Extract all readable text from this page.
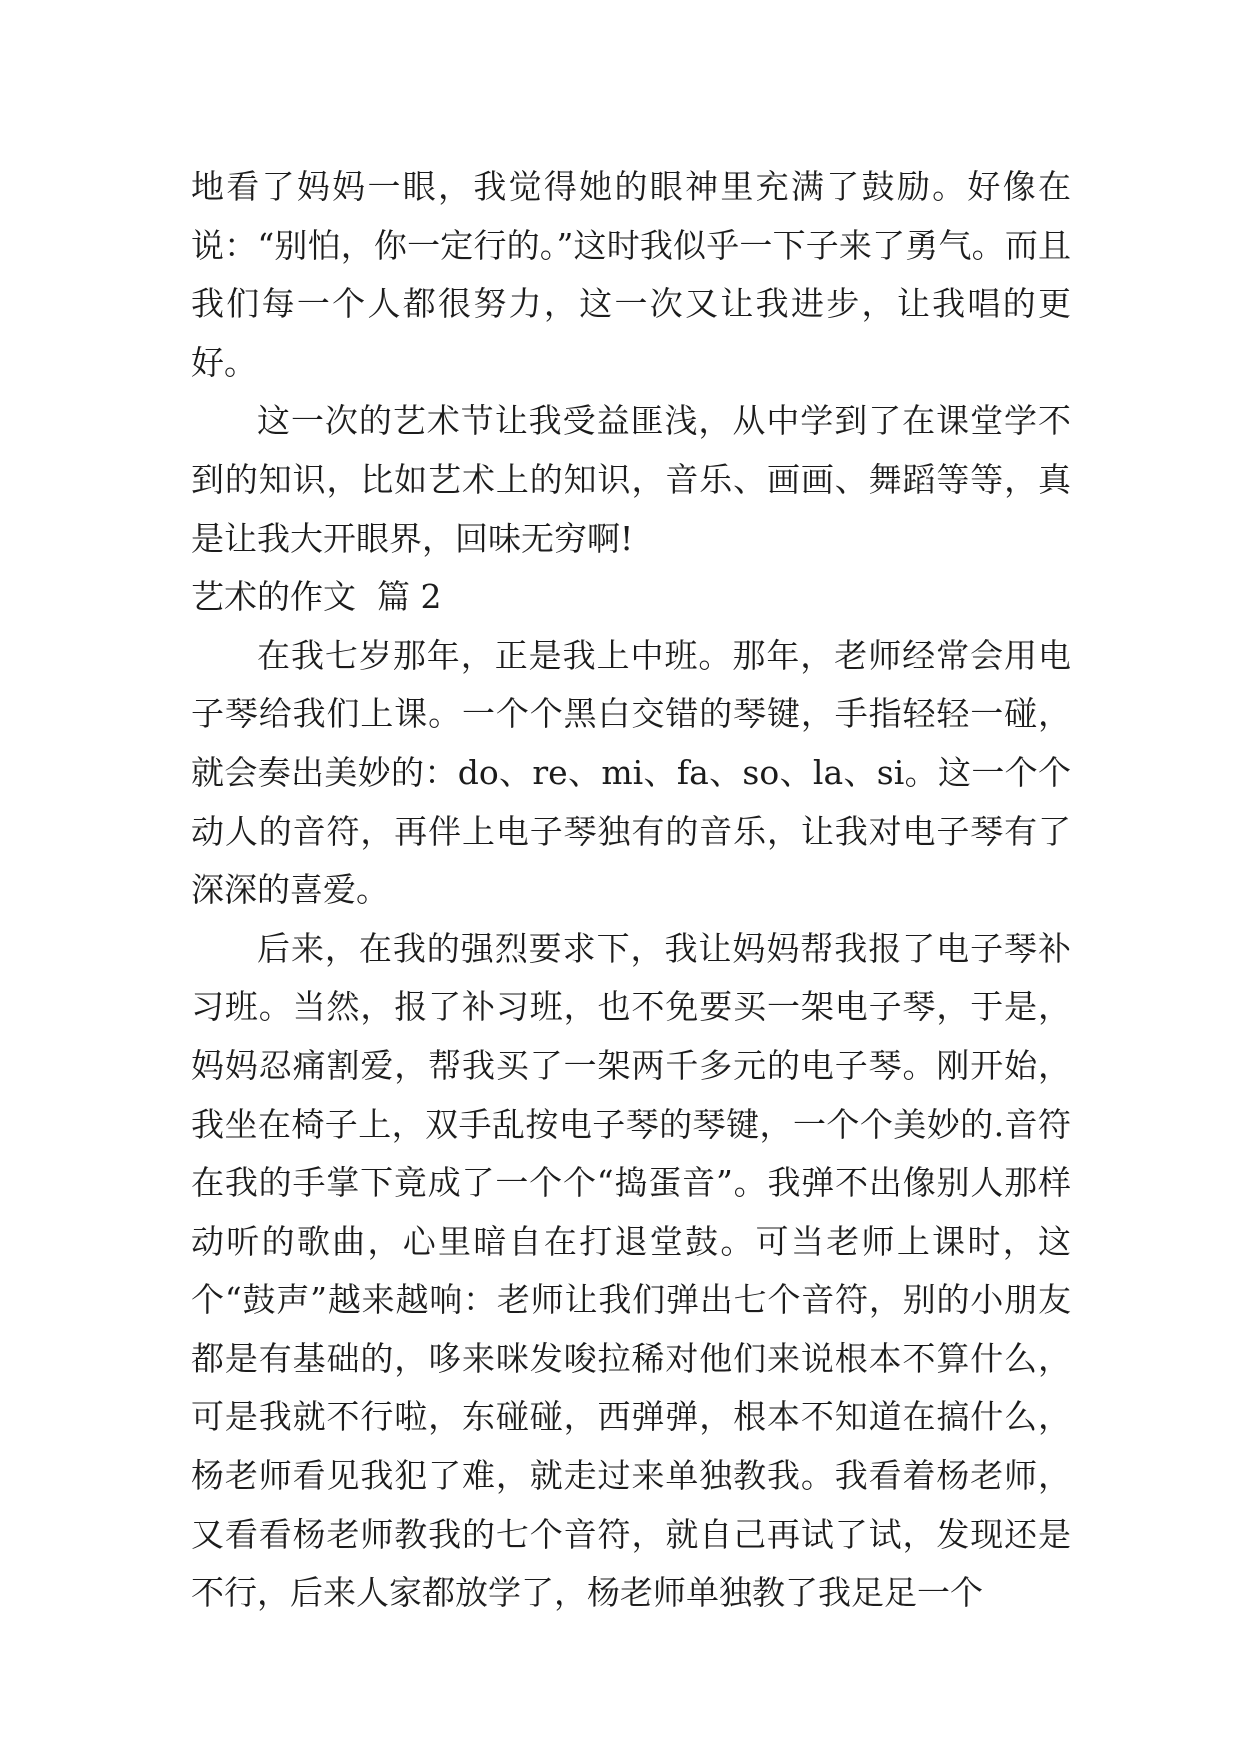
地看了妈妈一眼，我觉得她的眼神里充满了鼓励。好像在说：“别怕，你一定行的。”这时我似乎一下子来了勇气。而且我们每一个人都很努力，这一次又让我进步，让我唱的更好。

这一次的艺术节让我受益匪浅，从中学到了在课堂学不到的知识，比如艺术上的知识，音乐、画画、舞蹈等等，真是让我大开眼界，回味无穷啊!

艺术的作文  篇 2

在我七岁那年，正是我上中班。那年，老师经常会用电子琴给我们上课。一个个黑白交错的琴键，手指轻轻一碰，就会奏出美妙的：do、re、mi、fa、so、la、si。这一个个动人的音符，再伴上电子琴独有的音乐，让我对电子琴有了深深的喜爱。

后来，在我的强烈要求下，我让妈妈帮我报了电子琴补习班。当然，报了补习班，也不免要买一架电子琴，于是，妈妈忍痛割爱，帮我买了一架两千多元的电子琴。刚开始，我坐在椅子上，双手乱按电子琴的琴键，一个个美妙的.音符在我的手掌下竟成了一个个“捣蛋音”。我弹不出像别人那样动听的歌曲，心里暗自在打退堂鼓。可当老师上课时，这个“鼓声”越来越响：老师让我们弹出七个音符，别的小朋友都是有基础的，哆来咪发唆拉稀对他们来说根本不算什么，可是我就不行啦，东碰碰，西弹弹，根本不知道在搞什么，杨老师看见我犯了难，就走过来单独教我。我看着杨老师，又看看杨老师教我的七个音符，就自己再试了试，发现还是不行，后来人家都放学了，杨老师单独教了我足足一个
